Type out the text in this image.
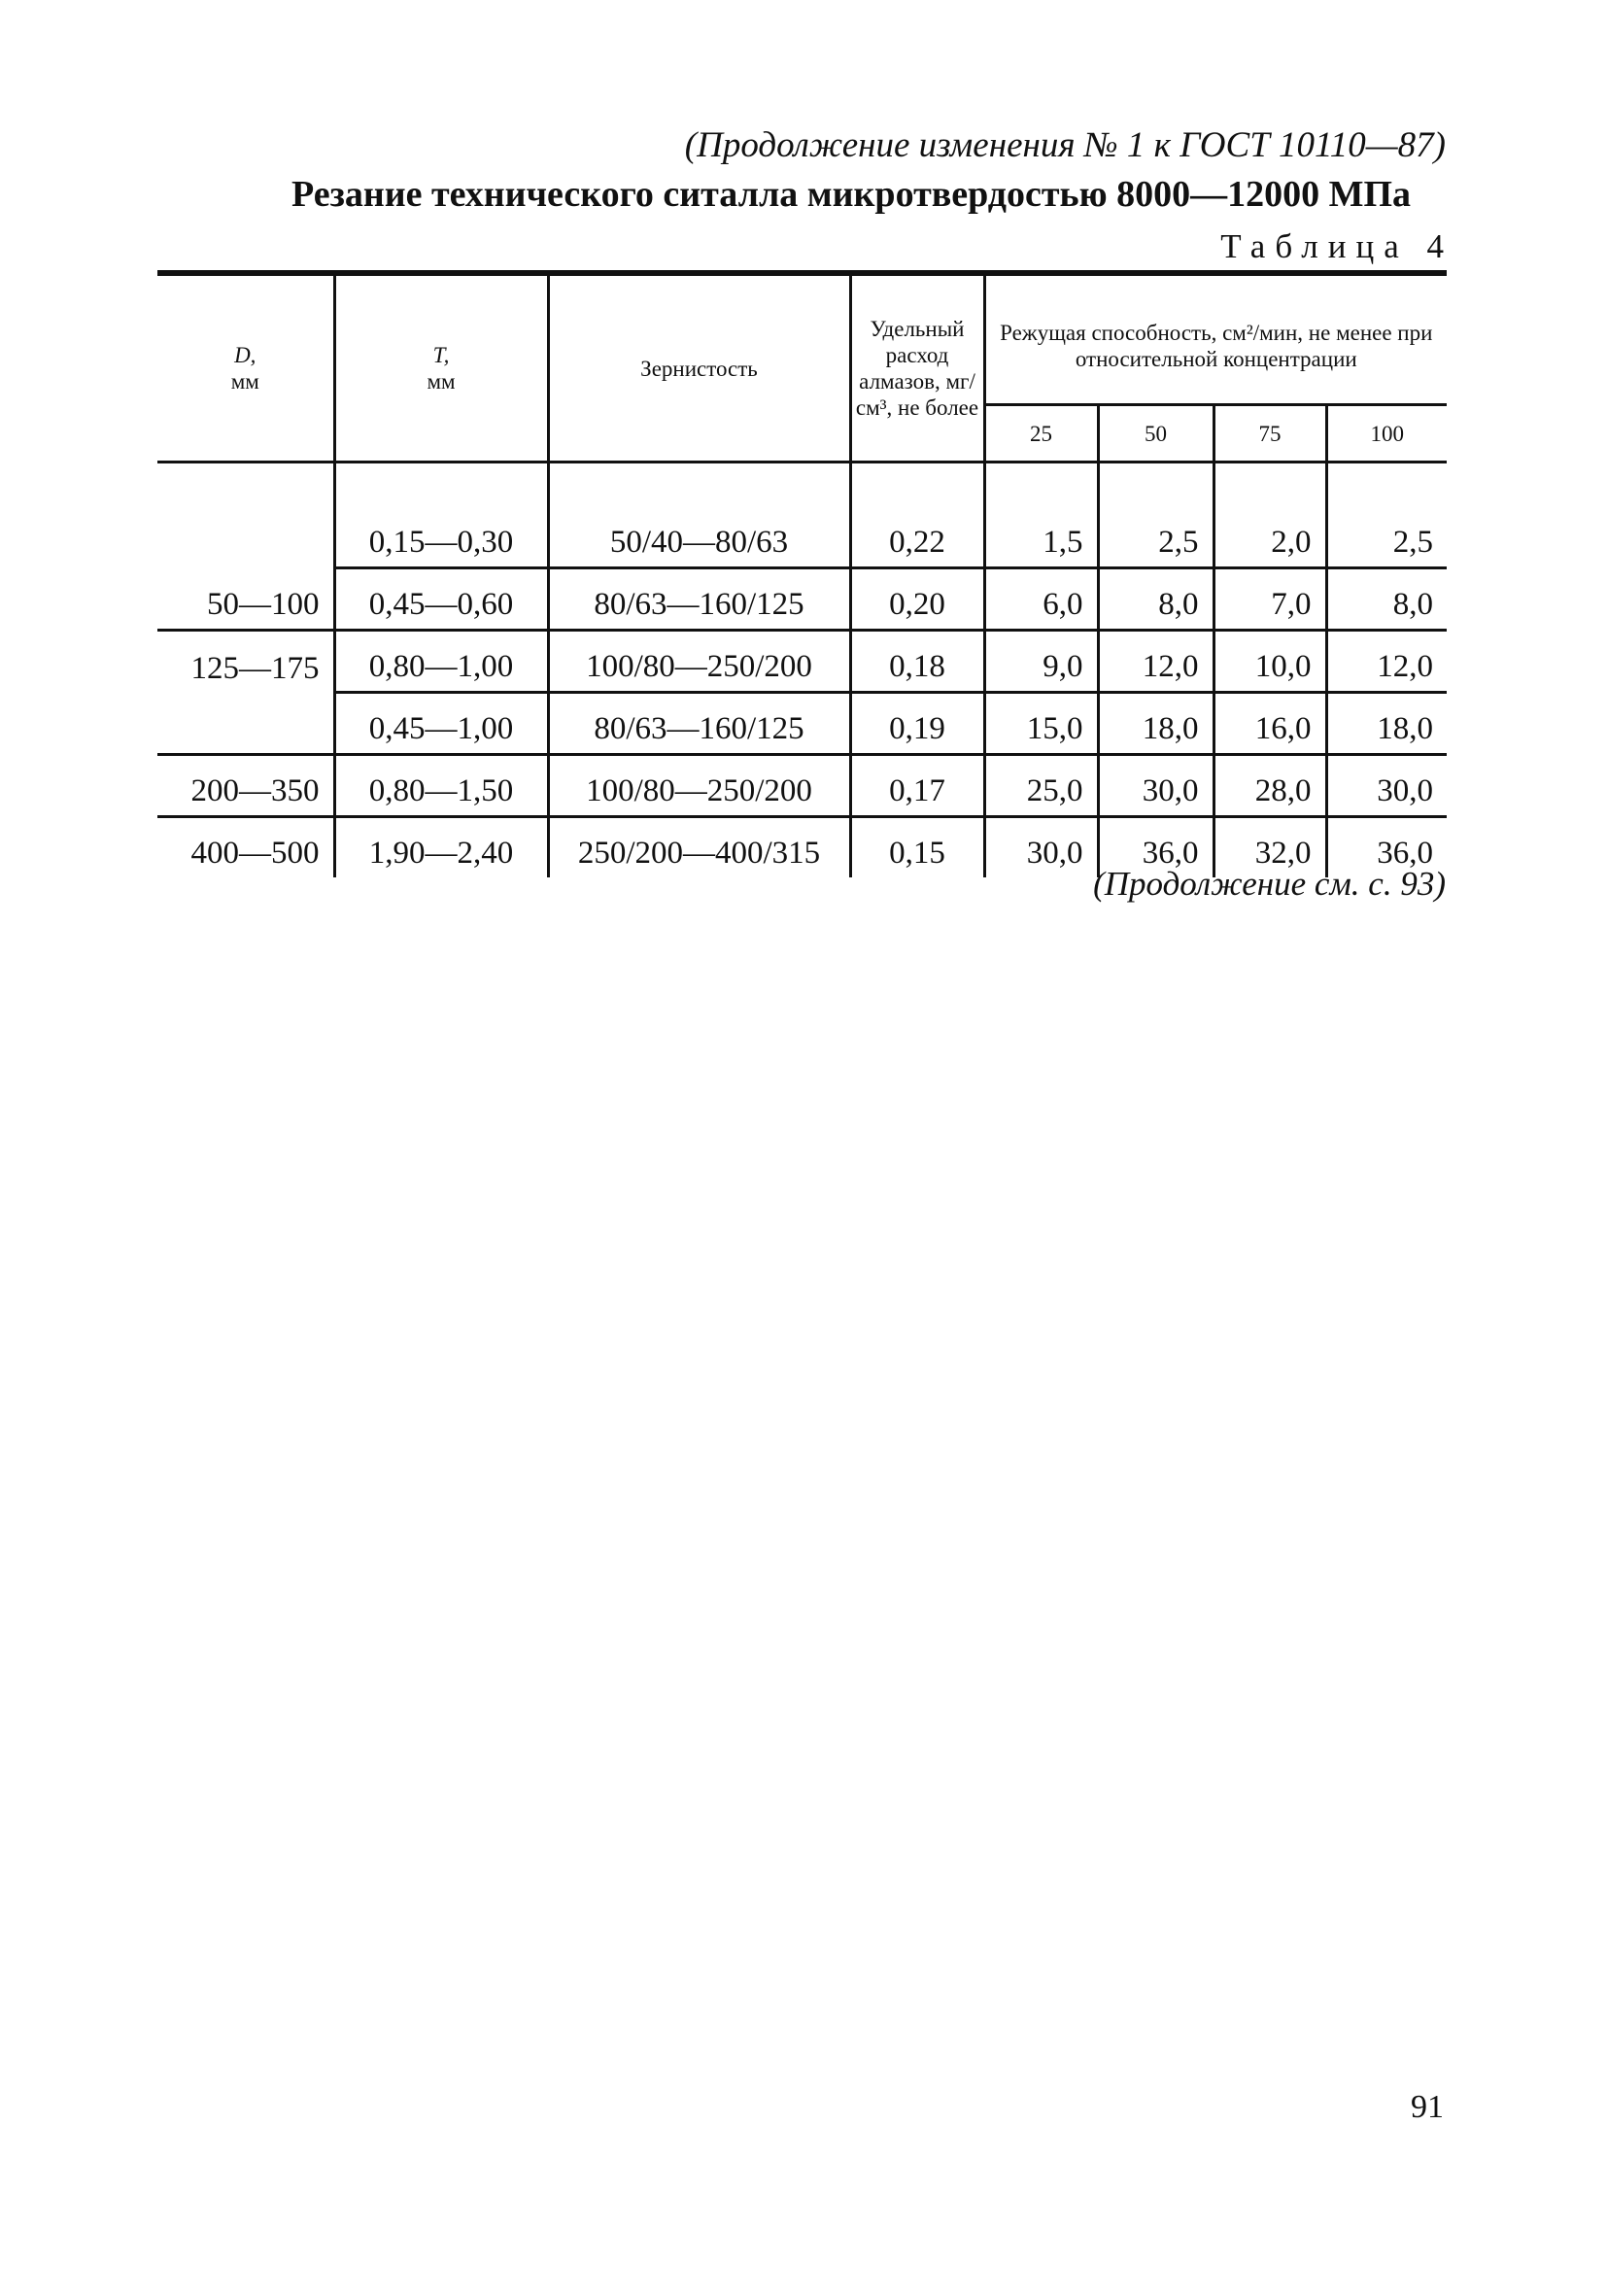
(Продолжение изменения № 1 к ГОСТ 10110—87)
Резание технического ситалла микротвердостью 8000—12000 МПа
Таблица 4
D,
мм	T,
мм	Зернистость	Удельный расход алмазов, мг/см³, не более	Режущая способность, см²/мин, не менее при относительной концентрации			
				25	50	75	100
	0,15—0,30	50/40—80/63	0,22	1,5	2,5	2,0	2,5
50—100	0,45—0,60	80/63—160/125	0,20	6,0	8,0	7,0	8,0
125—175	0,80—1,00	100/80—250/200	0,18	9,0	12,0	10,0	12,0
	0,45—1,00	80/63—160/125	0,19	15,0	18,0	16,0	18,0
200—350	0,80—1,50	100/80—250/200	0,17	25,0	30,0	28,0	30,0
400—500	1,90—2,40	250/200—400/315	0,15	30,0	36,0	32,0	36,0
(Продолжение см. с. 93)
91
